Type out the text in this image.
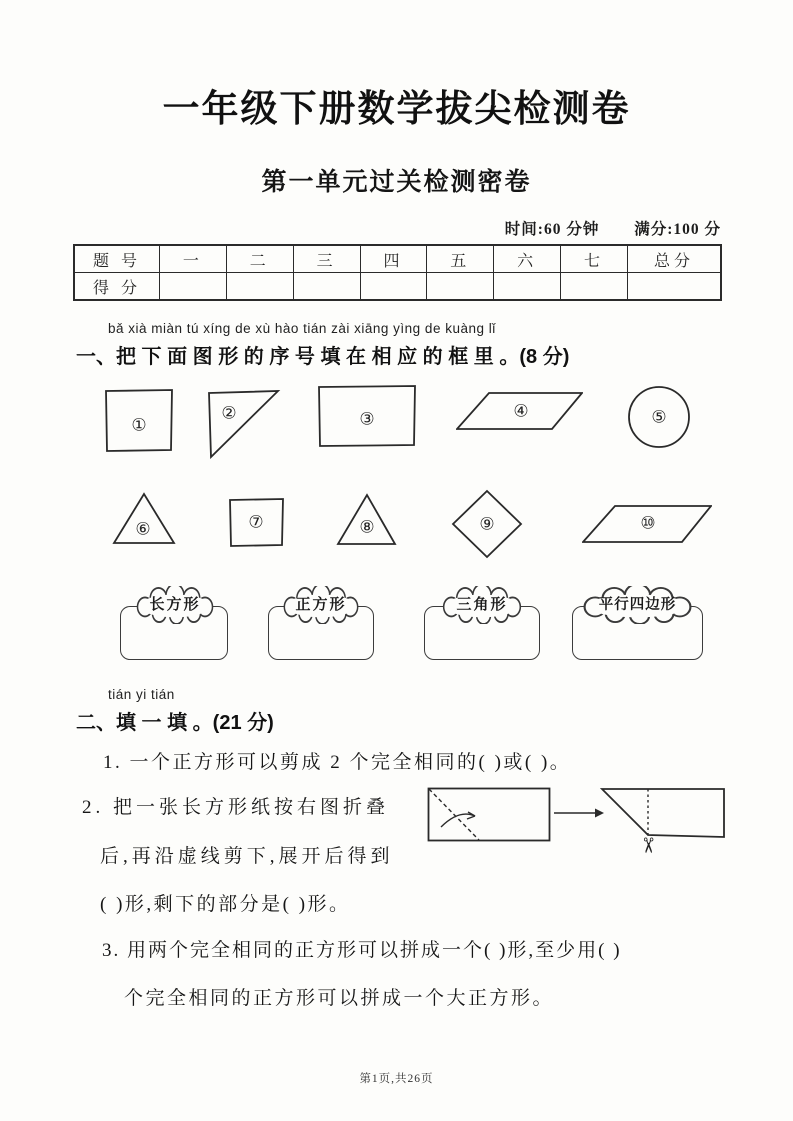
一年级下册数学拔尖检测卷
第一单元过关检测密卷
时间:60 分钟 满分:100 分
题 号	一	二	三	四	五	六	七	总分
得 分								
bǎ xià miàn tú xíng de xù hào tián zài xiāng yìng de kuàng lǐ
一、把 下 面 图 形 的 序 号 填 在 相 应 的 框 里 。(8 分)
①
②	③	④	⑤
⑥	⑦	⑧	⑨	⑩
长方形	正方形	三角形	平行四边形
tián yi tián
二、填 一 填 。(21 分)
1. 一个正方形可以剪成 2 个完全相同的( )或( )。
2. 把一张长方形纸按右图折叠
后,再沿虚线剪下,展开后得到
( )形,剩下的部分是( )形。
✂
3. 用两个完全相同的正方形可以拼成一个( )形,至少用( )
个完全相同的正方形可以拼成一个大正方形。
第1页,共26页
